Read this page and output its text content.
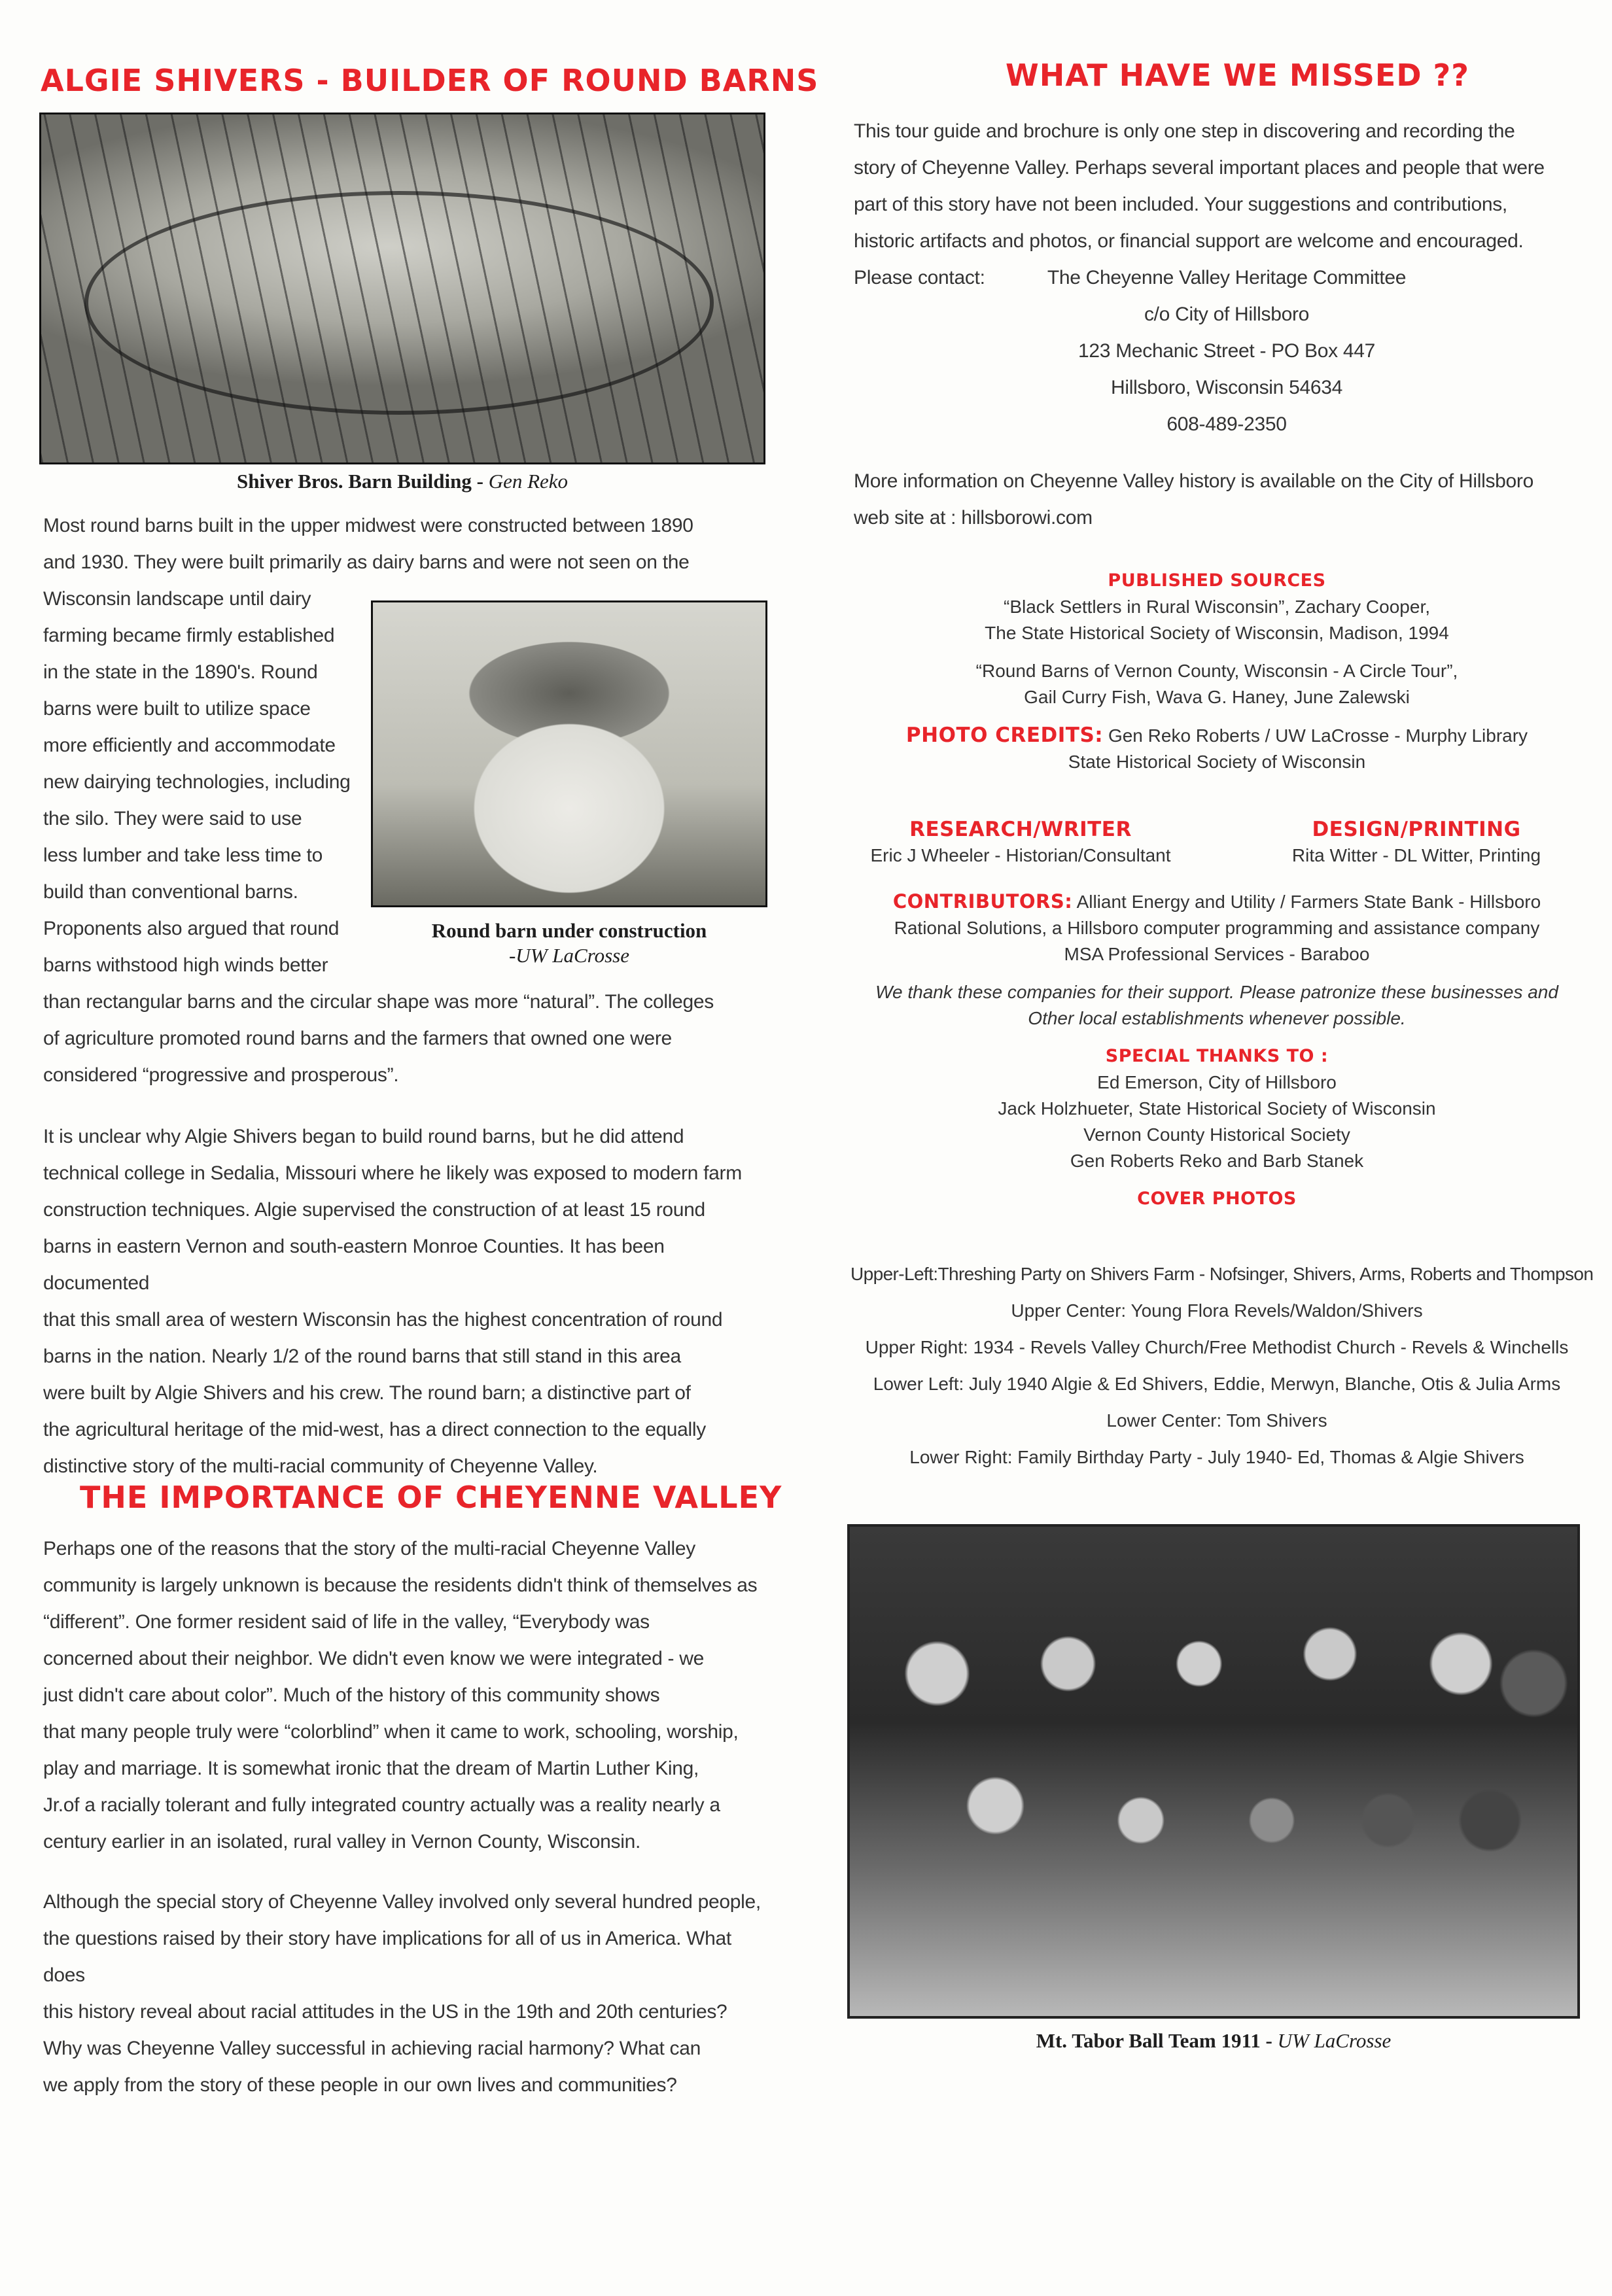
ALGIE SHIVERS - BUILDER OF ROUND BARNS
Shiver Bros. Barn Building - Gen Reko

Most round barns built in the upper midwest were constructed between 1890

and 1930. They were built primarily as dairy barns and were not seen on the

Wisconsin landscape until dairy

farming became firmly established

in the state in the 1890's. Round

barns were built to utilize space

more efficiently and accommodate

new dairying technologies, including

the silo. They were said to use

less lumber and take less time to

build than conventional barns.

Proponents also argued that round

barns withstood high winds better

Round barn under construction
-UW LaCrosse

than rectangular barns and the circular shape was more “natural”. The colleges

of agriculture promoted round barns and the farmers that owned one were

considered “progressive and prosperous”.

It is unclear why Algie Shivers began to build round barns, but he did attend

technical college in Sedalia, Missouri where he likely was exposed to modern farm

construction techniques. Algie supervised the construction of at least 15 round

barns in eastern Vernon and south-eastern Monroe Counties. It has been documented

that this small area of western Wisconsin has the highest concentration of round

barns in the nation. Nearly 1/2 of the round barns that still stand in this area

were built by Algie Shivers and his crew. The round barn; a distinctive part of

the agricultural heritage of the mid-west, has a direct connection to the equally

distinctive story of the multi-racial community of Cheyenne Valley.

THE IMPORTANCE OF CHEYENNE VALLEY

Perhaps one of the reasons that the story of the multi-racial Cheyenne Valley

community is largely unknown is because the residents didn't think of themselves as

“different”. One former resident said of life in the valley, “Everybody was

concerned about their neighbor. We didn't even know we were integrated - we

just didn't care about color”. Much of the history of this community shows

that many people truly were “colorblind” when it came to work, schooling, worship,

play and marriage. It is somewhat ironic that the dream of Martin Luther King,

Jr.of a racially tolerant and fully integrated country actually was a reality nearly a

century earlier in an isolated, rural valley in Vernon County, Wisconsin.

Although the special story of Cheyenne Valley involved only several hundred people,

the questions raised by their story have implications for all of us in America. What does

this history reveal about racial attitudes in the US in the 19th and 20th centuries?

Why was Cheyenne Valley successful in achieving racial harmony? What can

we apply from the story of these people in our own lives and communities?

WHAT HAVE WE MISSED ??

This tour guide and brochure is only one step in discovering and recording the

story of Cheyenne Valley. Perhaps several important places and people that were

part of this story have not been included. Your suggestions and contributions,

historic artifacts and photos, or financial support are welcome and encouraged.

Please contact:	The Cheyenne Valley Heritage Committee

c/o City of Hillsboro

123 Mechanic Street - PO Box 447

Hillsboro, Wisconsin 54634

608-489-2350

More information on Cheyenne Valley history is available on the City of Hillsboro

web site at : hillsborowi.com

PUBLISHED SOURCES
“Black Settlers in Rural Wisconsin”, Zachary Cooper,
The State Historical Society of Wisconsin, Madison, 1994
“Round Barns of Vernon County, Wisconsin - A Circle Tour”,
Gail Curry Fish, Wava G. Haney, June Zalewski
PHOTO CREDITS: Gen Reko Roberts / UW LaCrosse - Murphy Library
State Historical Society of Wisconsin
RESEARCH/WRITER
Eric J Wheeler - Historian/Consultant
DESIGN/PRINTING
Rita Witter - DL Witter, Printing
CONTRIBUTORS: Alliant Energy and Utility / Farmers State Bank - Hillsboro
Rational Solutions, a Hillsboro computer programming and assistance company
MSA Professional Services - Baraboo
We thank these companies for their support. Please patronize these businesses and
Other local establishments whenever possible.
SPECIAL THANKS TO :
Ed Emerson, City of Hillsboro
Jack Holzhueter, State Historical Society of Wisconsin
Vernon County Historical Society
Gen Roberts Reko and Barb Stanek
COVER PHOTOS
Upper-Left:Threshing Party on Shivers Farm - Nofsinger, Shivers, Arms, Roberts and Thompson
Upper Center: Young Flora Revels/Waldon/Shivers
Upper Right: 1934 - Revels Valley Church/Free Methodist Church - Revels & Winchells
Lower Left: July 1940 Algie & Ed Shivers, Eddie, Merwyn, Blanche, Otis & Julia Arms
Lower Center: Tom Shivers
Lower Right: Family Birthday Party - July 1940- Ed, Thomas & Algie Shivers
Mt. Tabor Ball Team 1911 - UW LaCrosse
